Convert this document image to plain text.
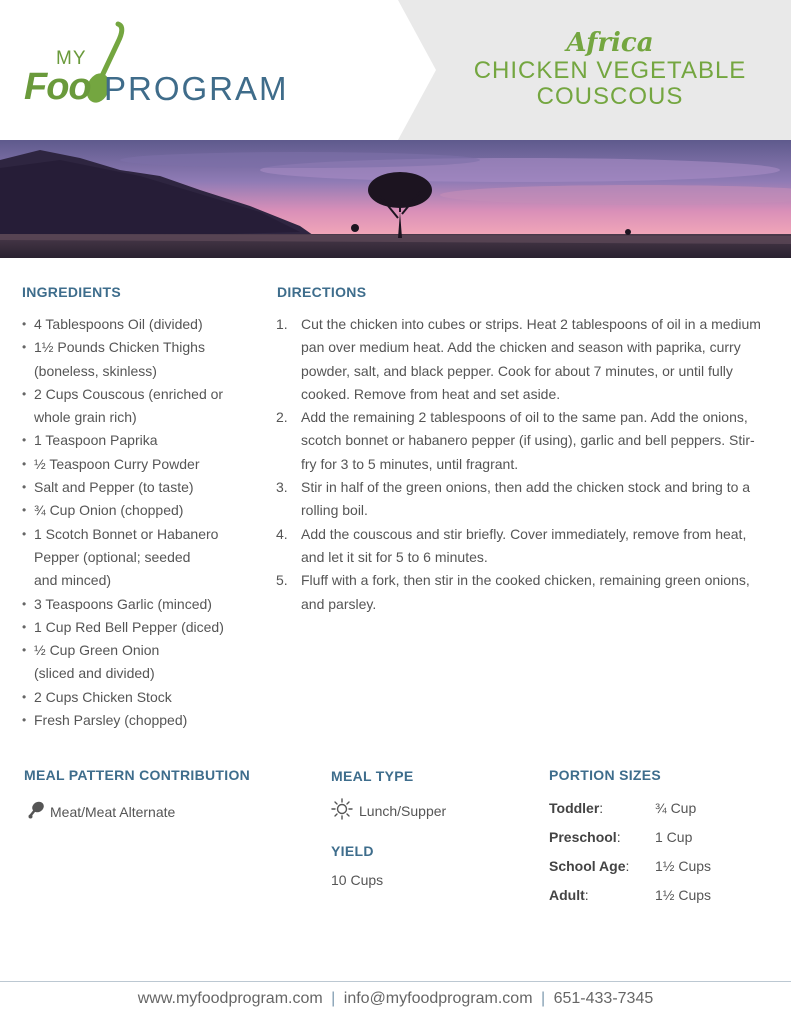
MY
Foo PROGRAM
Africa
CHICKEN VEGETABLE
COUSCOUS
INGREDIENTS
• 4 Tablespoons Oil (divided)
• 1½ Pounds Chicken Thighs
(boneless, skinless)
• 2 Cups Couscous (enriched or
whole grain rich)
• 1 Teaspoon Paprika
• ½ Teaspoon Curry Powder
• Salt and Pepper (to taste)
• ¾ Cup Onion (chopped)
• 1 Scotch Bonnet or Habanero
Pepper (optional; seeded
and minced)
• 3 Teaspoons Garlic (minced)
• 1 Cup Red Bell Pepper (diced)
• ½ Cup Green Onion
(sliced and divided)
• 2 Cups Chicken Stock
• Fresh Parsley (chopped)
DIRECTIONS
1. Cut the chicken into cubes or strips. Heat 2 tablespoons of oil in a medium pan over medium heat. Add the chicken and season with paprika, curry powder, salt, and black pepper. Cook for about 7 minutes, or until fully cooked. Remove from heat and set aside.
2. Add the remaining 2 tablespoons of oil to the same pan. Add the onions, scotch bonnet or habanero pepper (if using), garlic and bell peppers. Stir-fry for 3 to 5 minutes, until fragrant.
3. Stir in half of the green onions, then add the chicken stock and bring to a rolling boil.
4. Add the couscous and stir briefly. Cover immediately, remove from heat, and let it sit for 5 to 6 minutes.
5. Fluff with a fork, then stir in the cooked chicken, remaining green onions, and parsley.
MEAL PATTERN CONTRIBUTION
Meat/Meat Alternate
MEAL TYPE
Lunch/Supper
YIELD
10 Cups
PORTION SIZES
Toddler:	¾ Cup
Preschool: 1 Cup
School Age: 1½ Cups
Adult:	1½ Cups
www.myfoodprogram.com | info@myfoodprogram.com | 651-433-7345
